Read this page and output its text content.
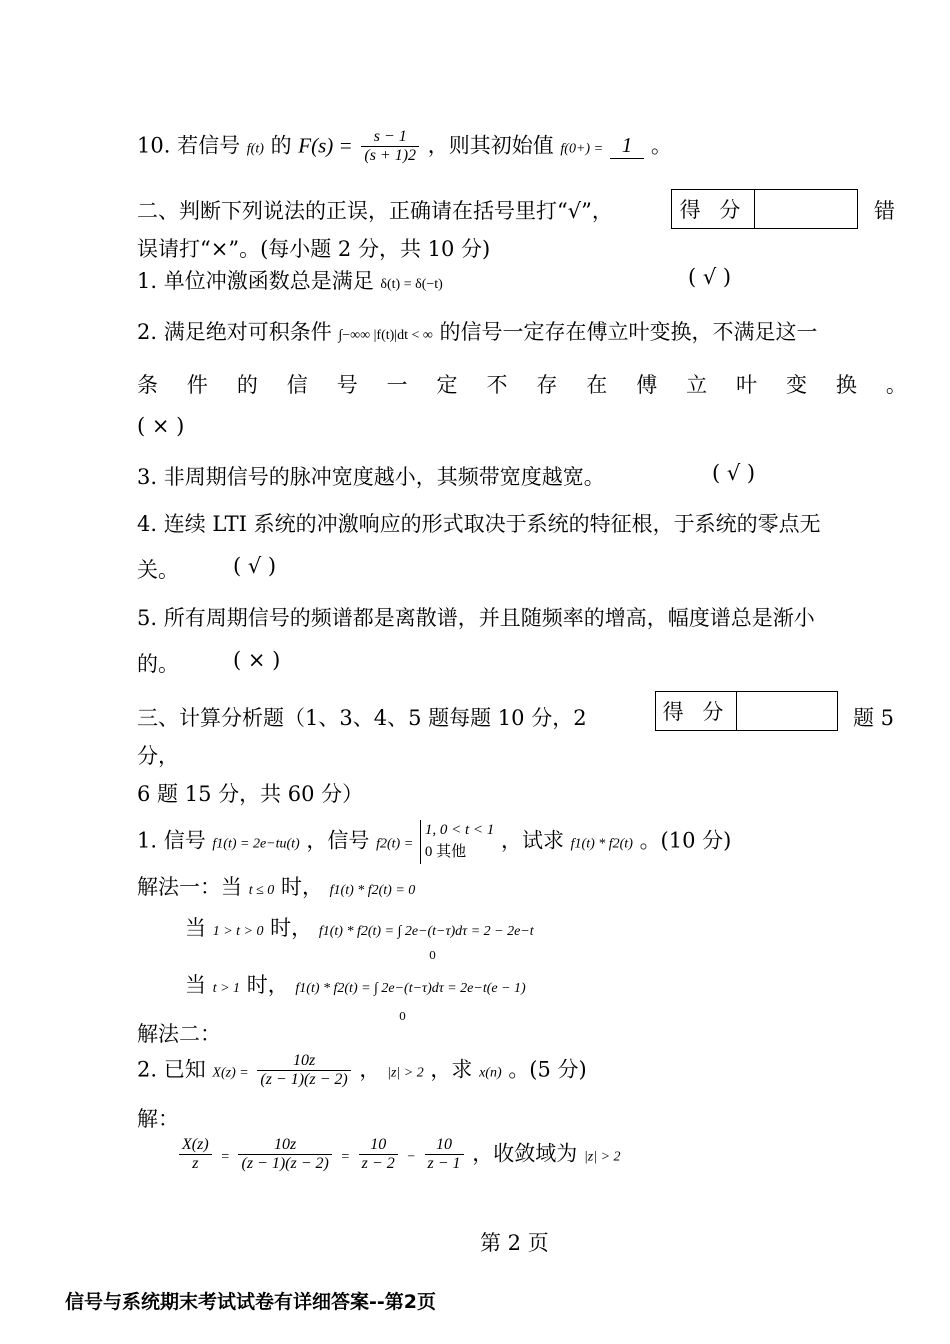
10. 若信号 f(t) 的 $F(s) = \frac{s - 1}{(s + 1)2}$ ，则其初始值 f(0+) = 1 。
二、判断下列说法的正误，正确请在括号里打“√”，	得 分	错
误请打“×”。(每小题 2 分，共 10 分)
1. 单位冲激函数总是满足 δ(t) = δ(−t)	( √ )
2. 满足绝对可积条件 ∫−∞∞ |f(t)|dt < ∞ 的信号一定存在傅立叶变换，不满足这一
条 件 的 信 号 一 定 不 存 在 傅 立 叶 变 换 。
( × )
3. 非周期信号的脉冲宽度越小，其频带宽度越宽。	( √ )
4. 连续 LTI 系统的冲激响应的形式取决于系统的特征根，于系统的零点无
关。	( √ )
5. 所有周期信号的频谱都是离散谱，并且随频率的增高，幅度谱总是渐小
的。	( × )
三、计算分析题（1、3、4、5 题每题 10 分，2	得 分	题 5
分，
6 题 15 分，共 60 分）
1. 信号 f1(t) = 2e−tu(t) ，信号 f2(t) =
1, 0 < t < 1
0 其他	，试求 f1(t) * f2(t) 。(10 分)
解法一：当 t ≤ 0 时， f1(t) * f2(t) = 0
当 1 > t > 0 时， f1(t) * f2(t) = ∫ 2e−(t−τ)dτ = 2 − 2e−t
0
当 t > 1 时， f1(t) * f2(t) = ∫ 2e−(t−τ)dτ = 2e−t(e − 1)
0
解法二：
2. 已知 $X(z) = \frac{10z}{(z - 1)(z - 2)}$ ， |z| > 2 ，求 x(n) 。(5 分)
解：
$\frac{X(z)}{z} = \frac{10z}{(z - 1)(z - 2)} = \frac{10}{z - 2} - \frac{10}{z - 1}$ ，收敛域为 |z| > 2
第 2 页
信号与系统期末考试试卷有详细答案--第2页
